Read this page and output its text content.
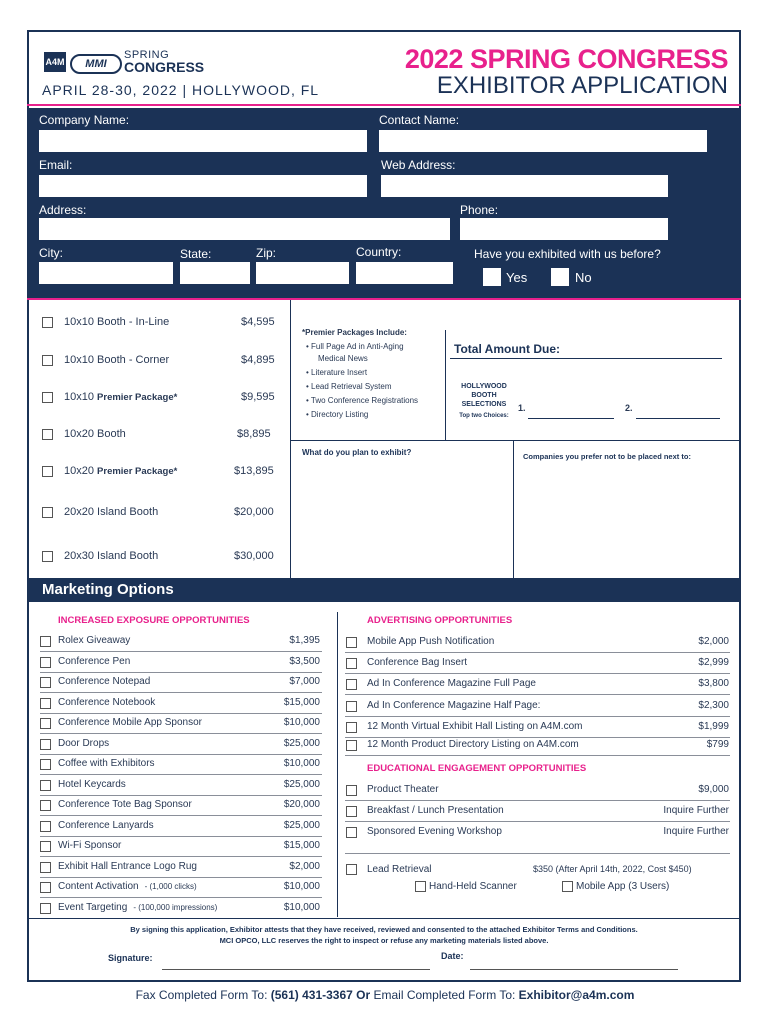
A4M	MMI
SPRING
CONGRESS
APRIL 28-30, 2022 | HOLLYWOOD, FL
2022 SPRING CONGRESS
EXHIBITOR APPLICATION
Company Name:	Contact Name:
Email:	Web Address:
Address:	Phone:
City:	State:	Zip:	Country:	Have you exhibited with us before?
Yes	No
10x10 Booth - In-Line	$4,595
10x10 Booth - Corner	$4,895
10x10 Premier Package*	$9,595
10x20 Booth	$8,895
10x20 Premier Package*	$13,895
20x20 Island Booth	$20,000
20x30 Island Booth	$30,000
*Premier Packages Include:
• Full Page Ad in Anti-Aging
Medical News
• Literature Insert
• Lead Retrieval System
• Two Conference Registrations
• Directory Listing
Total Amount Due:
HOLLYWOOD
BOOTH
SELECTIONS
Top two Choices:
1.	2.
What do you plan to exhibit?	Companies you prefer not to be placed next to:
Marketing Options
INCREASED EXPOSURE OPPORTUNITIES	ADVERTISING OPPORTUNITIES
Rolex Giveaway	$1,395
Conference Pen	$3,500
Conference Notepad	$7,000
Conference Notebook	$15,000
Conference Mobile App Sponsor	$10,000
Door Drops	$25,000
Coffee with Exhibitors	$10,000
Hotel Keycards	$25,000
Conference Tote Bag Sponsor	$20,000
Conference Lanyards	$25,000
Wi-Fi Sponsor	$15,000
Exhibit Hall Entrance Logo Rug	$2,000
Content Activation - (1,000 clicks)	$10,000
Event Targeting - (100,000 impressions)	$10,000
Mobile App Push Notification	$2,000
Conference Bag Insert	$2,999
Ad In Conference Magazine Full Page	$3,800
Ad In Conference Magazine Half Page:	$2,300
12 Month Virtual Exhibit Hall Listing on A4M.com	$1,999
12 Month Product Directory Listing on A4M.com	$799
EDUCATIONAL ENGAGEMENT OPPORTUNITIES
Product Theater	$9,000
Breakfast / Lunch Presentation	Inquire Further
Sponsored Evening Workshop	Inquire Further
Lead Retrieval	$350 (After April 14th, 2022, Cost $450)
Hand-Held Scanner	Mobile App (3 Users)
By signing this application, Exhibitor attests that they have received, reviewed and consented to the attached Exhibitor Terms and Conditions.
MCI OPCO, LLC reserves the right to inspect or refuse any marketing materials listed above.
Signature:	Date:
Fax Completed Form To: (561) 431-3367 Or Email Completed Form To: Exhibitor@a4m.com
